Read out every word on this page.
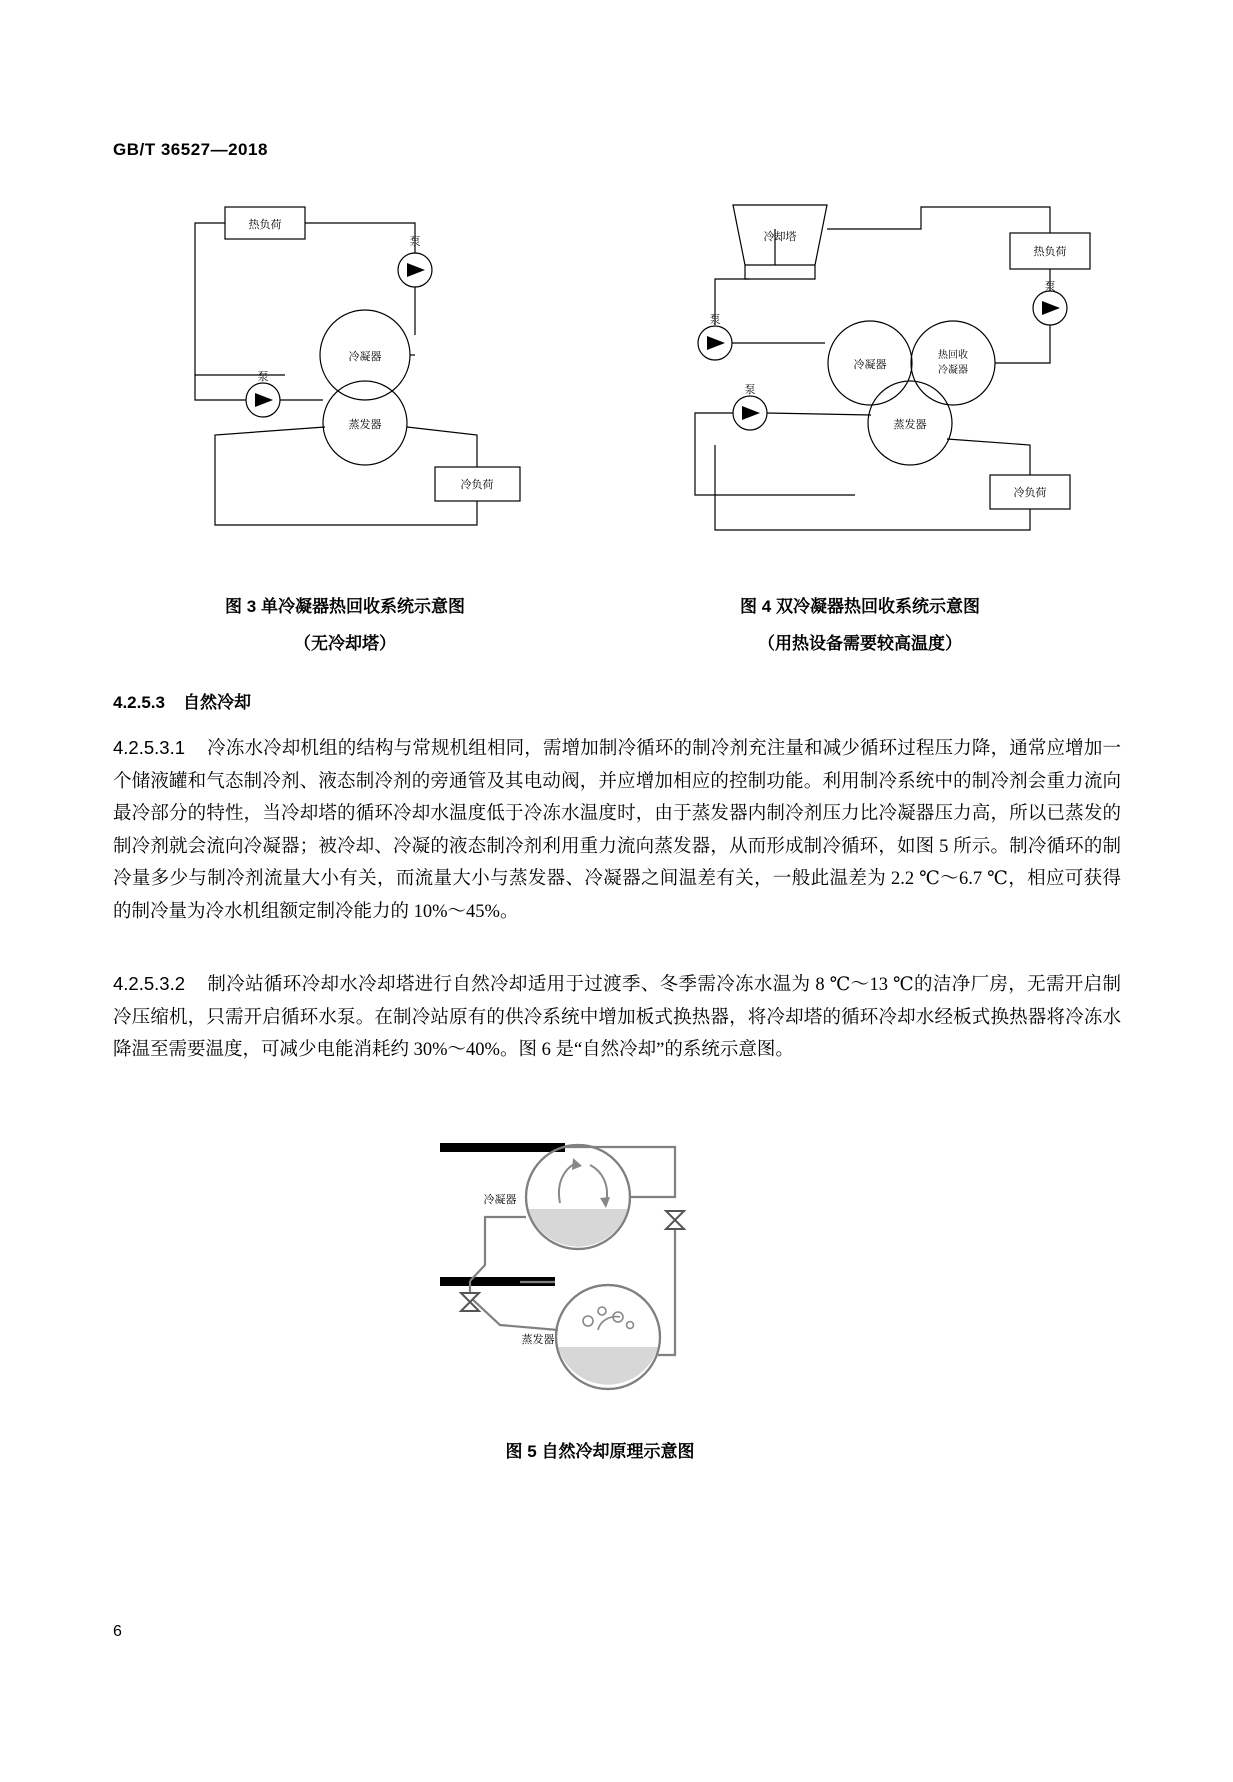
GB/T 36527—2018
热负荷
泵
泵
冷凝器
蒸发器
冷负荷
冷却塔
热负荷
泵
泵
泵
冷凝器
热回收
冷凝器
蒸发器
冷负荷
图 3 单冷凝器热回收系统示意图
（无冷却塔）
图 4 双冷凝器热回收系统示意图
（用热设备需要较高温度）
4.2.5.3 自然冷却
4.2.5.3.1 冷冻水冷却机组的结构与常规机组相同，需增加制冷循环的制冷剂充注量和减少循环过程压力降，通常应增加一个储液罐和气态制冷剂、液态制冷剂的旁通管及其电动阀，并应增加相应的控制功能。利用制冷系统中的制冷剂会重力流向最冷部分的特性，当冷却塔的循环冷却水温度低于冷冻水温度时，由于蒸发器内制冷剂压力比冷凝器压力高，所以已蒸发的制冷剂就会流向冷凝器；被冷却、冷凝的液态制冷剂利用重力流向蒸发器，从而形成制冷循环，如图 5 所示。制冷循环的制冷量多少与制冷剂流量大小有关，而流量大小与蒸发器、冷凝器之间温差有关，一般此温差为 2.2 ℃～6.7 ℃，相应可获得的制冷量为冷水机组额定制冷能力的 10%～45%。
4.2.5.3.2 制冷站循环冷却水冷却塔进行自然冷却适用于过渡季、冬季需冷冻水温为 8 ℃～13 ℃的洁净厂房，无需开启制冷压缩机，只需开启循环水泵。在制冷站原有的供冷系统中增加板式换热器，将冷却塔的循环冷却水经板式换热器将冷冻水降温至需要温度，可减少电能消耗约 30%～40%。图 6 是“自然冷却”的系统示意图。
冷凝器
蒸发器
图 5 自然冷却原理示意图
6
